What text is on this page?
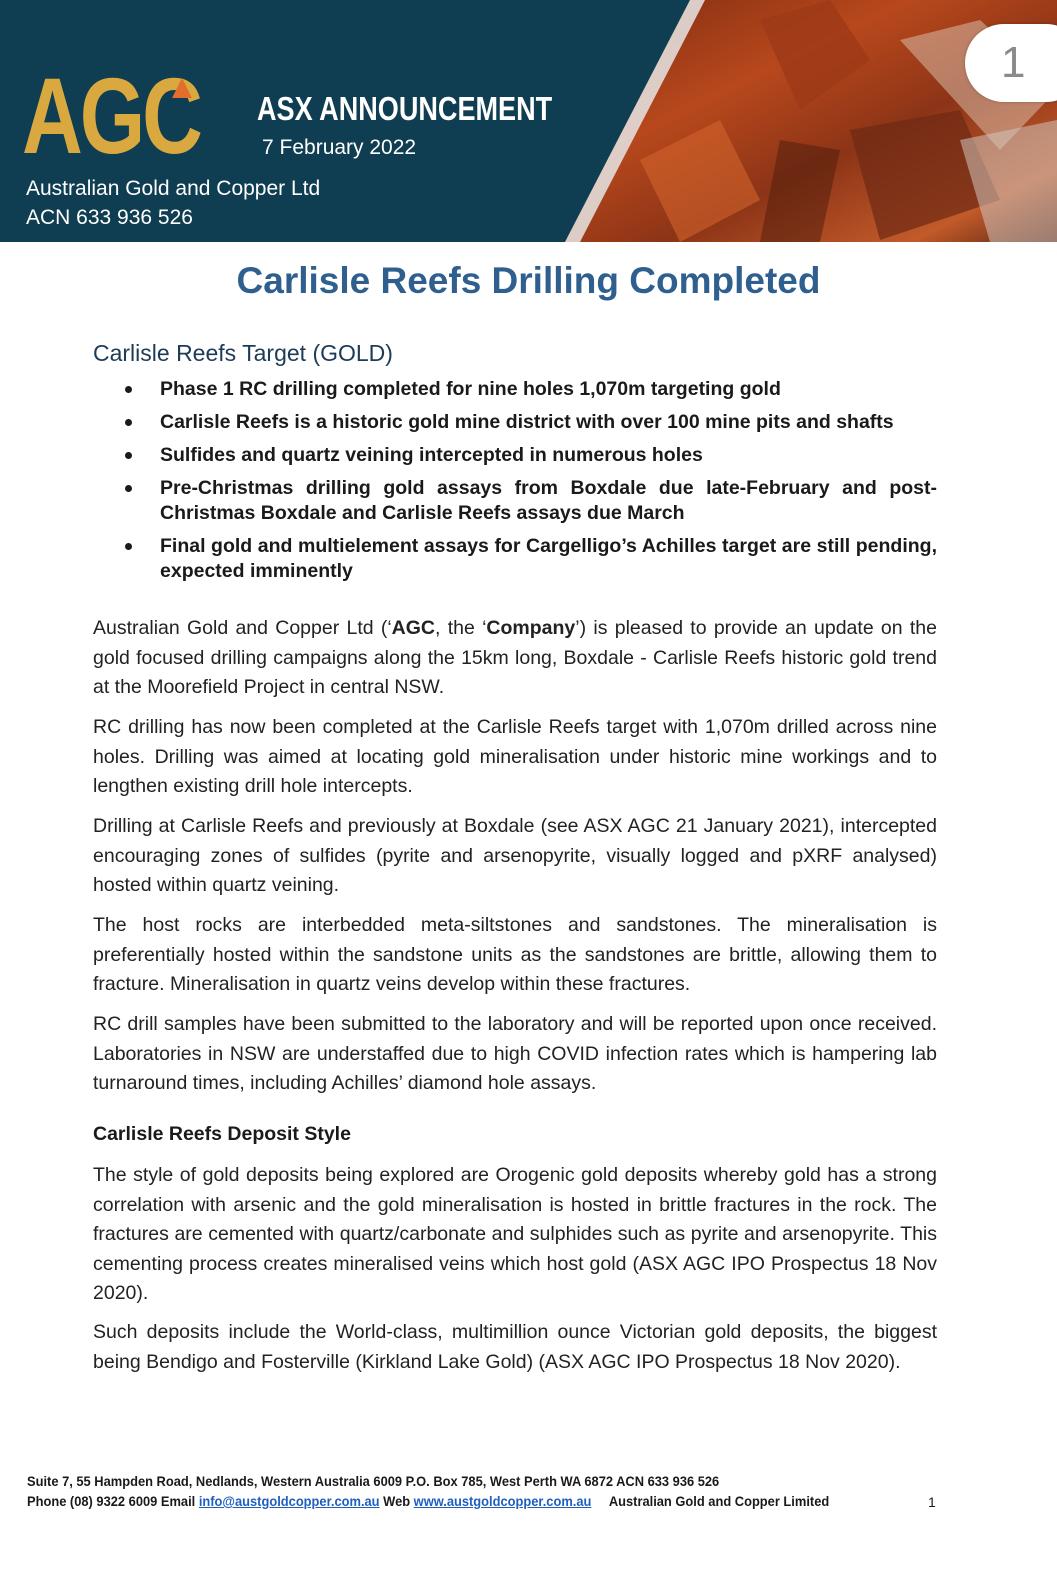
AGC ASX ANNOUNCEMENT
7 February 2022
Australian Gold and Copper Ltd
ACN 633 936 526
1
Carlisle Reefs Drilling Completed
Carlisle Reefs Target (GOLD)
Phase 1 RC drilling completed for nine holes 1,070m targeting gold
Carlisle Reefs is a historic gold mine district with over 100 mine pits and shafts
Sulfides and quartz veining intercepted in numerous holes
Pre-Christmas drilling gold assays from Boxdale due late-February and post-Christmas Boxdale and Carlisle Reefs assays due March
Final gold and multielement assays for Cargelligo’s Achilles target are still pending, expected imminently
Australian Gold and Copper Ltd (‘AGC, the ‘Company’) is pleased to provide an update on the gold focused drilling campaigns along the 15km long, Boxdale - Carlisle Reefs historic gold trend at the Moorefield Project in central NSW.
RC drilling has now been completed at the Carlisle Reefs target with 1,070m drilled across nine holes. Drilling was aimed at locating gold mineralisation under historic mine workings and to lengthen existing drill hole intercepts.
Drilling at Carlisle Reefs and previously at Boxdale (see ASX AGC 21 January 2021), intercepted encouraging zones of sulfides (pyrite and arsenopyrite, visually logged and pXRF analysed) hosted within quartz veining.
The host rocks are interbedded meta-siltstones and sandstones. The mineralisation is preferentially hosted within the sandstone units as the sandstones are brittle, allowing them to fracture. Mineralisation in quartz veins develop within these fractures.
RC drill samples have been submitted to the laboratory and will be reported upon once received. Laboratories in NSW are understaffed due to high COVID infection rates which is hampering lab turnaround times, including Achilles’ diamond hole assays.
Carlisle Reefs Deposit Style
The style of gold deposits being explored are Orogenic gold deposits whereby gold has a strong correlation with arsenic and the gold mineralisation is hosted in brittle fractures in the rock. The fractures are cemented with quartz/carbonate and sulphides such as pyrite and arsenopyrite. This cementing process creates mineralised veins which host gold (ASX AGC IPO Prospectus 18 Nov 2020).
Such deposits include the World-class, multimillion ounce Victorian gold deposits, the biggest being Bendigo and Fosterville (Kirkland Lake Gold) (ASX AGC IPO Prospectus 18 Nov 2020).
Suite 7, 55 Hampden Road, Nedlands, Western Australia 6009 P.O. Box 785, West Perth WA 6872 ACN 633 936 526
Phone (08) 9322 6009 Email info@austgoldcopper.com.au Web www.austgoldcopper.com.au     Australian Gold and Copper Limited	1
